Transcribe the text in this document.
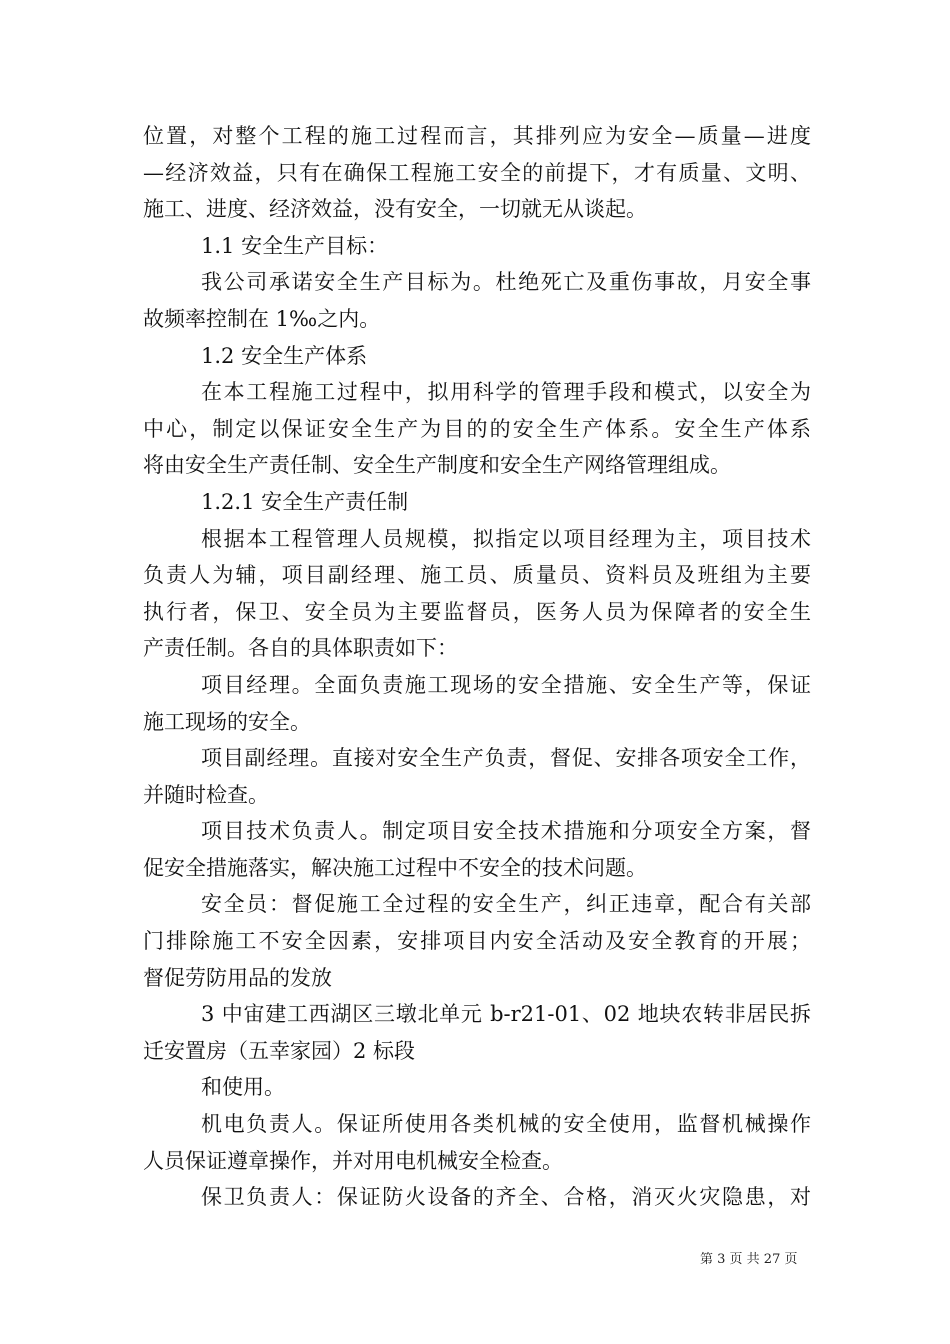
位置，对整个工程的施工过程而言，其排列应为安全—质量—进度
—经济效益，只有在确保工程施工安全的前提下，才有质量、文明、
施工、进度、经济效益，没有安全，一切就无从谈起。
1.1 安全生产目标：
我公司承诺安全生产目标为。杜绝死亡及重伤事故，月安全事
故频率控制在 1‰之内。
1.2 安全生产体系
在本工程施工过程中，拟用科学的管理手段和模式，以安全为
中心，制定以保证安全生产为目的的安全生产体系。安全生产体系
将由安全生产责任制、安全生产制度和安全生产网络管理组成。
1.2.1 安全生产责任制
根据本工程管理人员规模，拟指定以项目经理为主，项目技术
负责人为辅，项目副经理、施工员、质量员、资料员及班组为主要
执行者，保卫、安全员为主要监督员，医务人员为保障者的安全生
产责任制。各自的具体职责如下：
项目经理。全面负责施工现场的安全措施、安全生产等，保证
施工现场的安全。
项目副经理。直接对安全生产负责，督促、安排各项安全工作，
并随时检查。
项目技术负责人。制定项目安全技术措施和分项安全方案，督
促安全措施落实，解决施工过程中不安全的技术问题。
安全员：督促施工全过程的安全生产，纠正违章，配合有关部
门排除施工不安全因素，安排项目内安全活动及安全教育的开展；
督促劳防用品的发放
3 中宙建工西湖区三墩北单元 b-r21-01、02 地块农转非居民拆
迁安置房（五幸家园）2 标段
和使用。
机电负责人。保证所使用各类机械的安全使用，监督机械操作
人员保证遵章操作，并对用电机械安全检查。
保卫负责人：保证防火设备的齐全、合格，消灭火灾隐患，对
第 3 页 共 27 页
